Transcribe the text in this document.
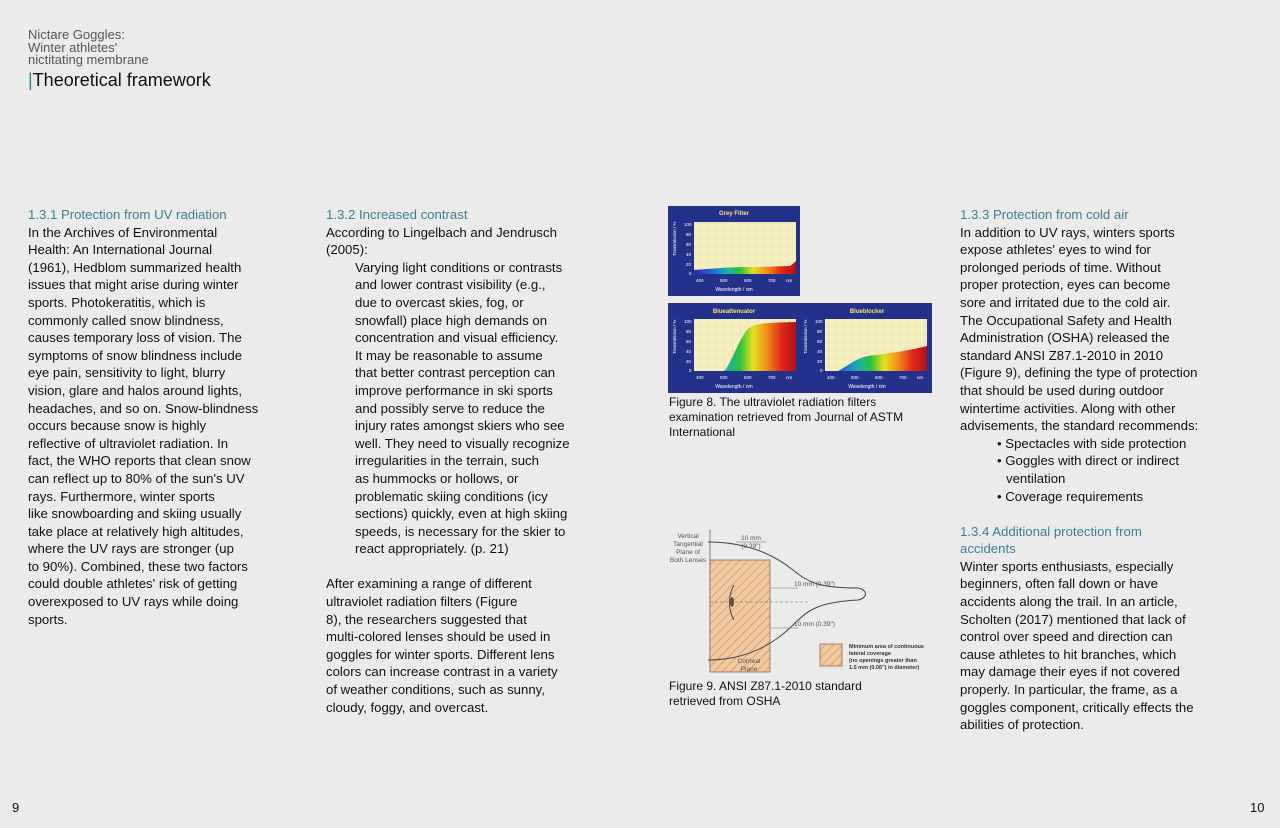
Nictare Goggles:
Winter athletes'
nictitating membrane
|Theoretical framework
1.3.1 Protection from UV radiation
In the Archives of Environmental
Health: An International Journal
(1961), Hedblom summarized health
issues that might arise during winter
sports. Photokeratitis, which is
commonly called snow blindness,
causes temporary loss of vision. The
symptoms of snow blindness include
eye pain, sensitivity to light, blurry
vision, glare and halos around lights,
headaches, and so on. Snow-blindness
occurs because snow is highly
reflective of ultraviolet radiation. In
fact, the WHO reports that clean snow
can reflect up to 80% of the sun's UV
rays. Furthermore, winter sports
like snowboarding and skiing usually
take place at relatively high altitudes,
where the UV rays are stronger (up
to 90%). Combined, these two factors
could double athletes' risk of getting
overexposed to UV rays while doing
sports.
1.3.2 Increased contrast
According to Lingelbach and Jendrusch
(2005):
Varying light conditions or contrasts
and lower contrast visibility (e.g.,
due to overcast skies, fog, or
snowfall) place high demands on
concentration and visual efficiency.
It may be reasonable to assume
that better contrast perception can
improve performance in ski sports
and possibly serve to reduce the
injury rates amongst skiers who see
well. They need to visually recognize
irregularities in the terrain, such
as hummocks or hollows, or
problematic skiing conditions (icy
sections) quickly, even at high skiing
speeds, is necessary for the skier to
react appropriately. (p. 21)
After examining a range of different
ultraviolet radiation filters (Figure
8), the researchers suggested that
multi-colored lenses should be used in
goggles for winter sports. Different lens
colors can increase contrast in a variety
of weather conditions, such as sunny,
cloudy, foggy, and overcast.
Grey Filter
Transmission / % 100
80
60
40
20
0
400	500	600	700 nm
Wavelength / nm
Blueattenuator
Transmission / % 100
80
60
40
20
0
400	500	600	700 nm
Wavelength / nm
Blueblocker
Transmission / % 100
80
60
40
20
0
400	500	600	700 nm
Wavelength / nm
Figure 8. The ultraviolet radiation filters
examination retrieved from Journal of ASTM
International
Vertical
Tangential
Plane of
Both Lenses
10 mm
(0.39")
10 mm (0.39")
10 mm (0.39")
Corneal
Plane
Minimum area of continuous
lateral coverage
(no openings greater than
1.5 mm (0.06") in diameter)
Figure 9. ANSI Z87.1-2010 standard
retrieved from OSHA
1.3.3 Protection from cold air
In addition to UV rays, winters sports
expose athletes' eyes to wind for
prolonged periods of time. Without
proper protection, eyes can become
sore and irritated due to the cold air.
The Occupational Safety and Health
Administration (OSHA) released the
standard ANSI Z87.1-2010 in 2010
(Figure 9), defining the type of protection
that should be used during outdoor
wintertime activities. Along with other
advisements, the standard recommends:
• Spectacles with side protection
• Goggles with direct or indirect
ventilation
• Coverage requirements
1.3.4 Additional protection from
accidents
Winter sports enthusiasts, especially
beginners, often fall down or have
accidents along the trail. In an article,
Scholten (2017) mentioned that lack of
control over speed and direction can
cause athletes to hit branches, which
may damage their eyes if not covered
properly. In particular, the frame, as a
goggles component, critically effects the
abilities of protection.
9	10
